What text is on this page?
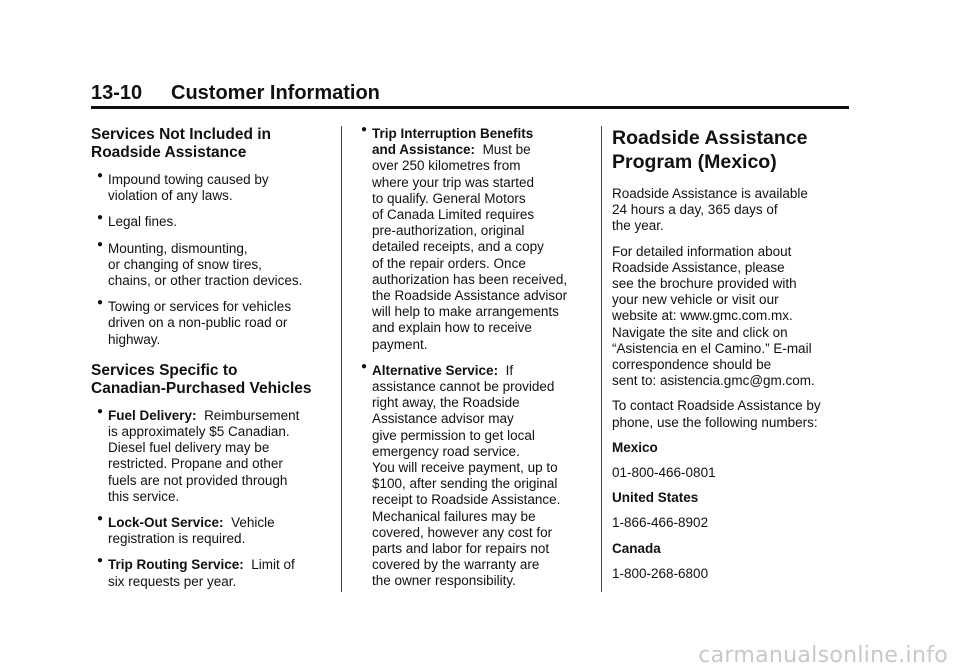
13-10 Customer Information
Services Not Included in
Roadside Assistance
● Impound towing caused by
violation of any laws.
● Legal fines.
● Mounting, dismounting,
or changing of snow tires,
chains, or other traction devices.
● Towing or services for vehicles
driven on a non-public road or
highway.
Services Specific to
Canadian-Purchased Vehicles
● Fuel Delivery: Reimbursement
is approximately $5 Canadian.
Diesel fuel delivery may be
restricted. Propane and other
fuels are not provided through
this service.
● Lock-Out Service: Vehicle
registration is required.
● Trip Routing Service: Limit of
six requests per year.
● Trip Interruption Benefits
and Assistance: Must be
over 250 kilometres from
where your trip was started
to qualify. General Motors
of Canada Limited requires
pre-authorization, original
detailed receipts, and a copy
of the repair orders. Once
authorization has been received,
the Roadside Assistance advisor
will help to make arrangements
and explain how to receive
payment.
● Alternative Service: If
assistance cannot be provided
right away, the Roadside
Assistance advisor may
give permission to get local
emergency road service.
You will receive payment, up to
$100, after sending the original
receipt to Roadside Assistance.
Mechanical failures may be
covered, however any cost for
parts and labor for repairs not
covered by the warranty are
the owner responsibility.
Roadside Assistance
Program (Mexico)

Roadside Assistance is available
24 hours a day, 365 days of
the year.

For detailed information about
Roadside Assistance, please
see the brochure provided with
your new vehicle or visit our
website at: www.gmc.com.mx.
Navigate the site and click on
“Asistencia en el Camino.” E-mail
correspondence should be
sent to: asistencia.gmc@gm.com.

To contact Roadside Assistance by
phone, use the following numbers:

Mexico

01-800-466-0801

United States

1-866-466-8902

Canada

1-800-268-6800

carmanualsonline.info
